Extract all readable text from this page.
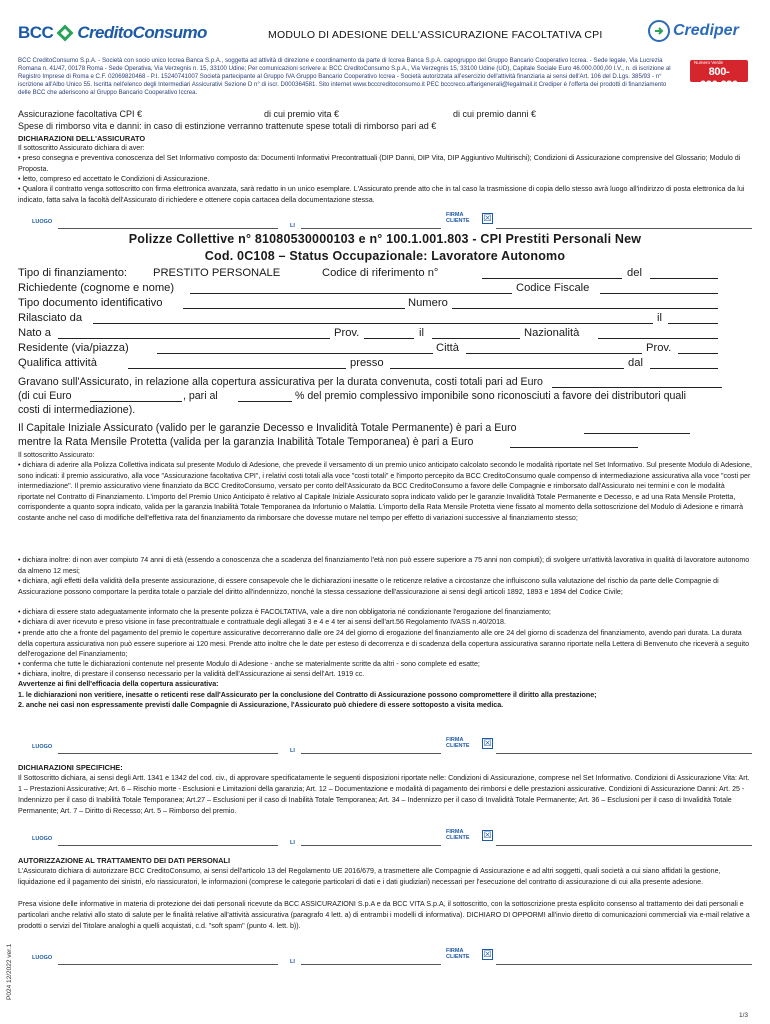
BCC CreditoConsumo	MODULO DI ADESIONE DELL'ASSICURAZIONE FACOLTATIVA CPI	Crediper
Numero Verde
800-990.620
BCC CreditoConsumo S.p.A. - Società con socio unico Iccrea Banca S.p.A., soggetta ad attività di direzione e coordinamento da parte di Iccrea Banca S.p.A. capogruppo del Gruppo Bancario Cooperativo Iccrea. - Sede legale, Via Lucrezia Romana n. 41/47, 00178 Roma - Sede Operativa, Via Verzegnis n. 15, 33100 Udine; Per comunicazioni scrivere a: BCC CreditoConsumo S.p.A., Via Verzegnis 15, 33100 Udine (UD), Capitale Sociale Euro 46.000.000,00 I.V., n. di iscrizione al Registro Imprese di Roma e C.F. 02069820468 - P.I. 15240741007 Società partecipante al Gruppo IVA Gruppo Bancario Cooperativo Iccrea - Società autorizzata all'esercizio dell'attività finanziaria ai sensi dell'Art. 106 del D.Lgs. 385/93 - n° iscrizione all'Albo Unico 55. Iscritta nell'elenco degli Intermediari Assicurativi Sezione D n° di iscr. D000364581. Sito internet www.bcccreditoconsumo.it PEC bcccreco.affarigenerali@legalmail.it Crediper è l'offerta dei prodotti di finanziamento delle BCC che aderiscono al Gruppo Bancario Cooperativo Iccrea.
Assicurazione facoltativa CPI €	di cui premio vita €	di cui premio danni €
Spese di rimborso vita e danni: in caso di estinzione verranno trattenute spese totali di rimborso pari ad €
DICHIARAZIONI DELL'ASSICURATO
Il sottoscritto Assicurato dichiara di aver:
• preso consegna e preventiva conoscenza del Set Informativo composto da: Documenti Informativi Precontrattuali (DIP Danni, DIP Vita, DIP Aggiuntivo Multirischi); Condizioni di Assicurazione comprensive del Glossario; Modulo di Proposta.
• letto, compreso ed accettato le Condizioni di Assicurazione.
• Qualora il contratto venga sottoscritto con firma elettronica avanzata, sarà redatto in un unico esemplare. L'Assicurato prende atto che in tal caso la trasmissione di copia dello stesso avrà luogo all'indirizzo di posta elettronica da lui indicato, fatta salva la facoltà dell'Assicurato di richiedere e ottenere copia cartacea della documentazione stessa.
LUOGO
LI
FIRMA
CLIENTE ☒
Polizze Collettive n° 81080530000103 e n° 100.1.001.803 - CPI Prestiti Personali New
Cod. 0C108 – Status Occupazionale: Lavoratore Autonomo
Tipo di finanziamento: PRESTITO PERSONALE	Codice di riferimento n°	del
Richiedente (cognome e nome)	Codice Fiscale
Tipo documento identificativo	Numero
Rilasciato da	il
Nato a	Prov.	il	Nazionalità
Residente (via/piazza)	Città	Prov.
Qualifica attività	presso	dal
Gravano sull'Assicurato, in relazione alla copertura assicurativa per la durata convenuta, costi totali pari ad Euro
(di cui Euro	, pari al	% del premio complessivo imponibile sono riconosciuti a favore dei distributori quali
costi di intermediazione).
Il Capitale Iniziale Assicurato (valido per le garanzie Decesso e Invalidità Totale Permanente) è pari a Euro
mentre la Rata Mensile Protetta (valida per la garanzia Inabilità Totale Temporanea) è pari a Euro
Il sottoscritto Assicurato:
• dichiara di aderire alla Polizza Collettiva indicata sul presente Modulo di Adesione, che prevede il versamento di un premio unico anticipato calcolato secondo le modalità riportate nel Set Informativo. Sul presente Modulo di Adesione, sono indicati: il premio assicurativo, alla voce "Assicurazione facoltativa CPI", i relativi costi totali alla voce "costi totali" e l'importo percepito da BCC CreditoConsumo quale compenso di intermediazione assicurativa alla voce "costi per intermediazione". Il premio assicurativo viene finanziato da BCC CreditoConsumo, versato per conto dell'Assicurato da BCC CreditoConsumo a favore delle Compagnie e rimborsato dall'Assicurato nei termini e con le modalità riportate nel Contratto di Finanziamento. L'importo del Premio Unico Anticipato è relativo al Capitale Iniziale Assicurato sopra indicato valido per le garanzie Invalidità Totale Permanente e Decesso, e ad una Rata Mensile Protetta, corrispondente a quanto sopra indicato, valida per la garanzia Inabilità Totale Temporanea da Infortunio o Malattia. L'importo della Rata Mensile Protetta viene fissato al momento della sottoscrizione del Modulo di Adesione e rimarrà costante anche nel caso di modifiche dell'effettiva rata del finanziamento da rimborsare che dovesse mutare nel tempo per effetto di variazioni successive al finanziamento stesso;
• dichiara inoltre: di non aver compiuto 74 anni di età (essendo a conoscenza che a scadenza del finanziamento l'età non può essere superiore a 75 anni non compiuti); di svolgere un'attività lavorativa in qualità di lavoratore autonomo da almeno 12 mesi;
• dichiara, agli effetti della validità della presente assicurazione, di essere consapevole che le dichiarazioni inesatte o le reticenze relative a circostanze che influiscono sulla valutazione del rischio da parte delle Compagnie di Assicurazione possono comportare la perdita totale o parziale del diritto all'indennizzo, nonché la stessa cessazione dell'assicurazione ai sensi degli articoli 1892, 1893 e 1894 del Codice Civile;
• dichiara di essere stato adeguatamente informato che la presente polizza è FACOLTATIVA, vale a dire non obbligatoria né condizionante l'erogazione del finanziamento;
• dichiara di aver ricevuto e preso visione in fase precontrattuale e contrattuale degli allegati 3 e 4 e 4 ter ai sensi dell'art.56 Regolamento IVASS n.40/2018.
• prende atto che a fronte del pagamento del premio le coperture assicurative decorreranno dalle ore 24 del giorno di erogazione del finanziamento alle ore 24 del giorno di scadenza del finanziamento, avendo pari durata. La durata della copertura assicurativa non può essere superiore ai 120 mesi. Prende atto inoltre che le date per esteso di decorrenza e di scadenza della copertura assicurativa saranno riportate nella Lettera di Benvenuto che riceverà a seguito dell'erogazione del Finanziamento;
• conferma che tutte le dichiarazioni contenute nel presente Modulo di Adesione - anche se materialmente scritte da altri - sono complete ed esatte;
• dichiara, inoltre, di prestare il consenso necessario per la validità dell'Assicurazione ai sensi dell'Art. 1919 cc.
Avvertenze ai fini dell'efficacia della copertura assicurativa:
1. le dichiarazioni non veritiere, inesatte o reticenti rese dall'Assicurato per la conclusione del Contratto di Assicurazione possono compromettere il diritto alla prestazione;
2. anche nei casi non espressamente previsti dalle Compagnie di Assicurazione, l'Assicurato può chiedere di essere sottoposto a visita medica.
LUOGO
LI
FIRMA
CLIENTE ☒
DICHIARAZIONI SPECIFICHE:
Il Sottoscritto dichiara, ai sensi degli Artt. 1341 e 1342 del cod. civ., di approvare specificatamente le seguenti disposizioni riportate nelle: Condizioni di Assicurazione, comprese nel Set Informativo. Condizioni di Assicurazione Vita: Art. 1 – Prestazioni Assicurative; Art. 6 – Rischio morte - Esclusioni e Limitazioni della garanzia; Art. 12 – Documentazione e modalità di pagamento dei rimborsi e delle prestazioni assicurative. Condizioni di Assicurazione Danni: Art. 25 - Indennizzo per il caso di Inabilità Totale Temporanea; Art.27 – Esclusioni per il caso di Inabilità Totale Temporanea; Art. 34 – Indennizzo per il caso di Invalidità Totale Permanente; Art. 36 – Esclusioni per il caso di Invalidità Totale Permanente; Art. 7 – Diritto di Recesso; Art. 5 – Rimborso del premio.
LUOGO
LI
FIRMA
CLIENTE ☒
AUTORIZZAZIONE AL TRATTAMENTO DEI DATI PERSONALI
L'Assicurato dichiara di autorizzare BCC CreditoConsumo, ai sensi dell'articolo 13 del Regolamento UE 2016/679, a trasmettere alle Compagnie di Assicurazione e ad altri soggetti, quali società a cui siano affidati la gestione, liquidazione ed il pagamento dei sinistri, e/o riassicuratori, le informazioni (comprese le categorie particolari di dati e i dati giudiziari) necessari per l'esecuzione del contratto di assicurazione di cui alla presente adesione.
Presa visione delle informative in materia di protezione dei dati personali ricevute da BCC ASSICURAZIONI S.p.A e da BCC VITA S.p.A, il sottoscritto, con la sottoscrizione presta esplicito consenso al trattamento dei dati personali e particolari anche relativi allo stato di salute per le finalità relative all'attività assicurativa (paragrafo 4 lett. a) di entrambi i modelli di informativa). DICHIARO DI OPPORMI all'invio diretto di comunicazioni commerciali via e-mail relative a prodotti o servizi del Titolare analoghi a quelli acquistati, c.d. "soft spam" (punto 4. lett. b)).
LUOGO
LI
FIRMA
CLIENTE ☒
P024 12/2022 ver.1
1/3
